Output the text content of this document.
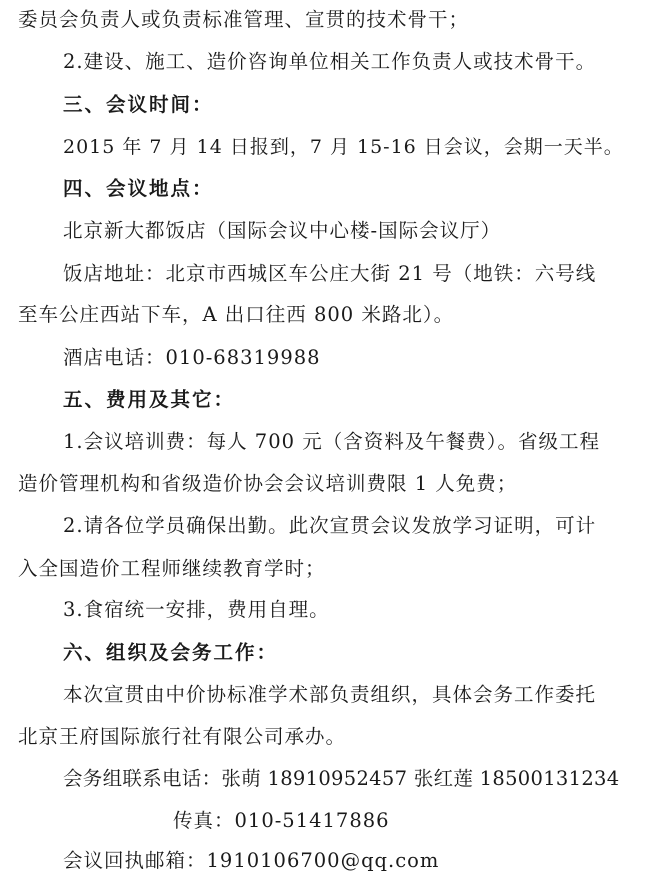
委员会负责人或负责标准管理、宣贯的技术骨干；
2.建设、施工、造价咨询单位相关工作负责人或技术骨干。
三、会议时间：
2015 年 7 月 14 日报到，7 月 15-16 日会议，会期一天半。
四、会议地点：
北京新大都饭店（国际会议中心楼-国际会议厅）
饭店地址：北京市西城区车公庄大街 21 号（地铁：六号线
至车公庄西站下车，A 出口往西 800 米路北）。
酒店电话：010-68319988
五、费用及其它：
1.会议培训费：每人 700 元（含资料及午餐费）。省级工程
造价管理机构和省级造价协会会议培训费限 1 人免费；
2.请各位学员确保出勤。此次宣贯会议发放学习证明，可计
入全国造价工程师继续教育学时；
3.食宿统一安排，费用自理。
六、组织及会务工作：
本次宣贯由中价协标准学术部负责组织，具体会务工作委托
北京王府国际旅行社有限公司承办。
会务组联系电话：张萌 18910952457 张红莲 18500131234
传真：010-51417886
会议回执邮箱：1910106700@qq.com
